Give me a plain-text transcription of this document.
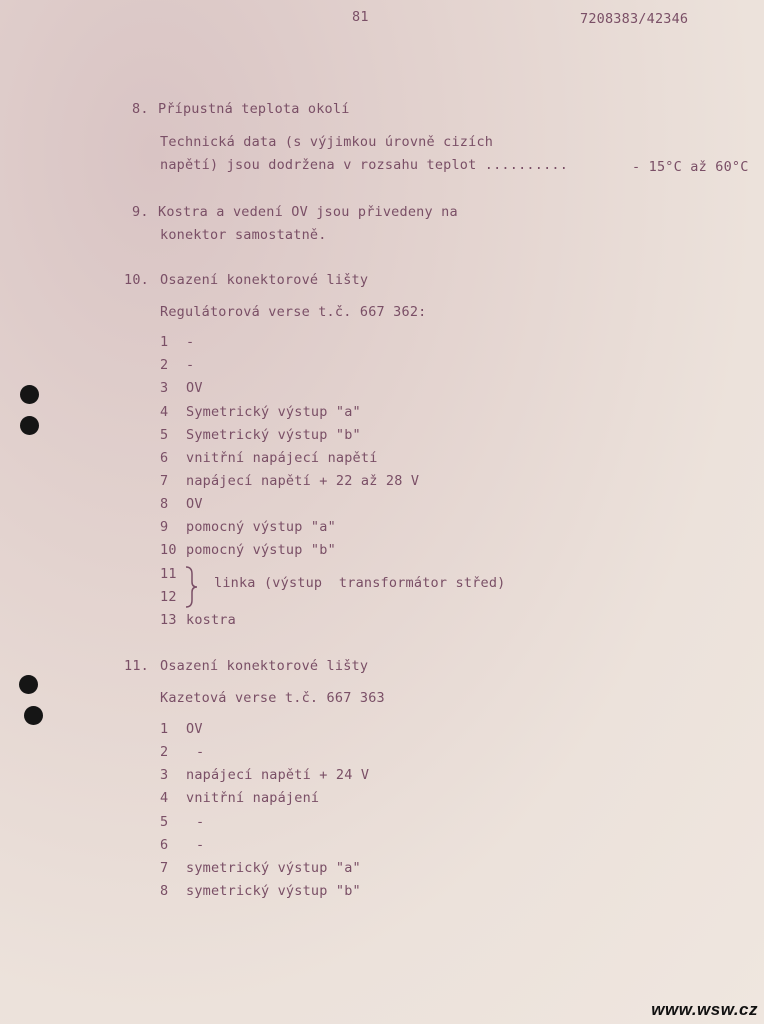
81	7208383/42346
8. Přípustná teplota okolí
Technická data (s výjimkou úrovně cizích
napětí) jsou dodržena v rozsahu teplot ..........	- 15°C až 60°C
9. Kostra a vedení OV jsou přivedeny na
konektor samostatně.
10. Osazení konektorové lišty
Regulátorová verse t.č. 667 362:
1 -
2 -
3 OV
4 Symetrický výstup "a"
5 Symetrický výstup "b"
6 vnitřní napájecí napětí
7 napájecí napětí + 22 až 28 V
8 OV
9 pomocný výstup "a"
10 pomocný výstup "b"
11
12
13 kostra
linka (výstup  transformátor střed)
11. Osazení konektorové lišty
Kazetová verse t.č. 667 363
1 OV
2 -
3 napájecí napětí + 24 V
4 vnitřní napájení
5 -
6 -
7 symetrický výstup "a"
8 symetrický výstup "b"
www.wsw.cz
